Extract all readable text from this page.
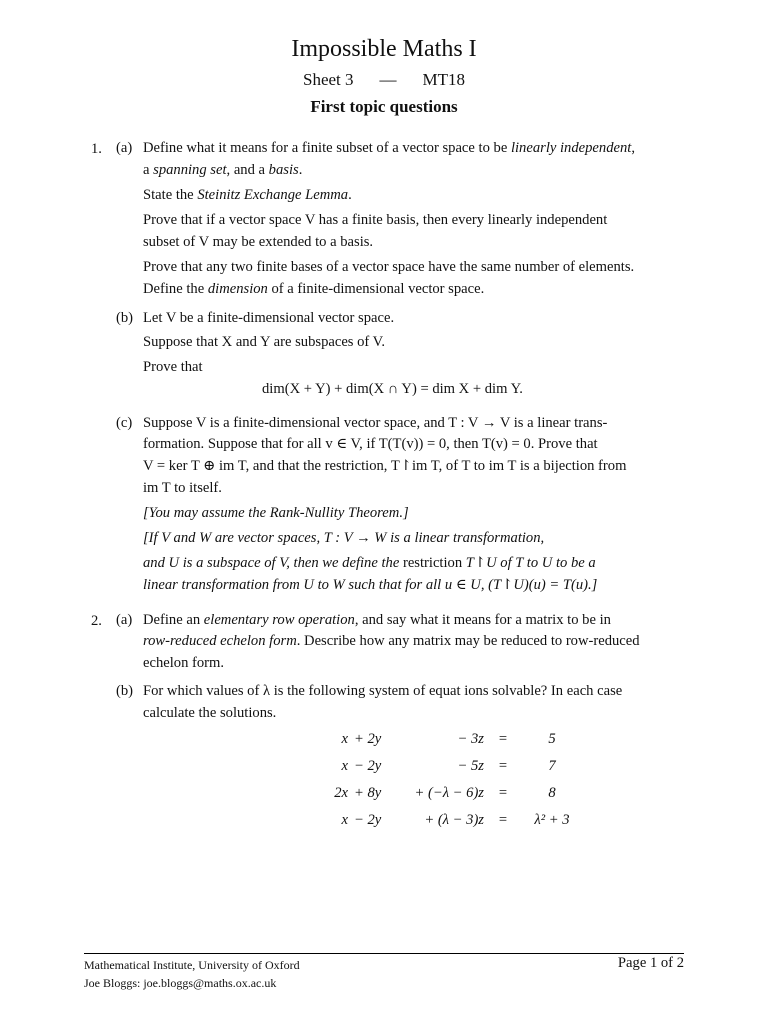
Impossible Maths I
Sheet 3 — MT18
First topic questions
1. (a) Define what it means for a finite subset of a vector space to be linearly independent,
a spanning set, and a basis.
State the Steinitz Exchange Lemma.
Prove that if a vector space V has a finite basis, then every linearly independent
subset of V may be extended to a basis.
Prove that any two finite bases of a vector space have the same number of elements.
Define the dimension of a finite-dimensional vector space.
(b) Let V be a finite-dimensional vector space.
Suppose that X and Y are subspaces of V.
Prove that
dim(X + Y) + dim(X ∩ Y) = dim X + dim Y.
(c) Suppose V is a finite-dimensional vector space, and T : V → V is a linear trans-
formation. Suppose that for all v ∈ V, if T(T(v)) = 0, then T(v) = 0. Prove that
V = ker T ⊕ im T, and that the restriction, T↾im T, of T to im T is a bijection from
im T to itself.
[You may assume the Rank-Nullity Theorem.]
[If V and W are vector spaces, T : V → W is a linear transformation,
and U is a subspace of V, then we define the restriction T↾U of T to U to be a
linear transformation from U to W such that for all u ∈ U, (T↾U)(u) = T(u).]
2. (a) Define an elementary row operation, and say what it means for a matrix to be in
row-reduced echelon form. Describe how any matrix may be reduced to row-reduced
echelon form.
(b) For which values of λ is the following system of equat ions solvable? In each case
calculate the solutions.
x	+ 2y	− 3z	=	5
x	− 2y	− 5z	=	7
2x	+ 8y	+ (−λ − 6)z	=	8
x	− 2y	+ (λ − 3)z	=	λ² + 3
Mathematical Institute, University of Oxford
Joe Bloggs: joe.bloggs@maths.ox.ac.uk
Page 1 of 2
